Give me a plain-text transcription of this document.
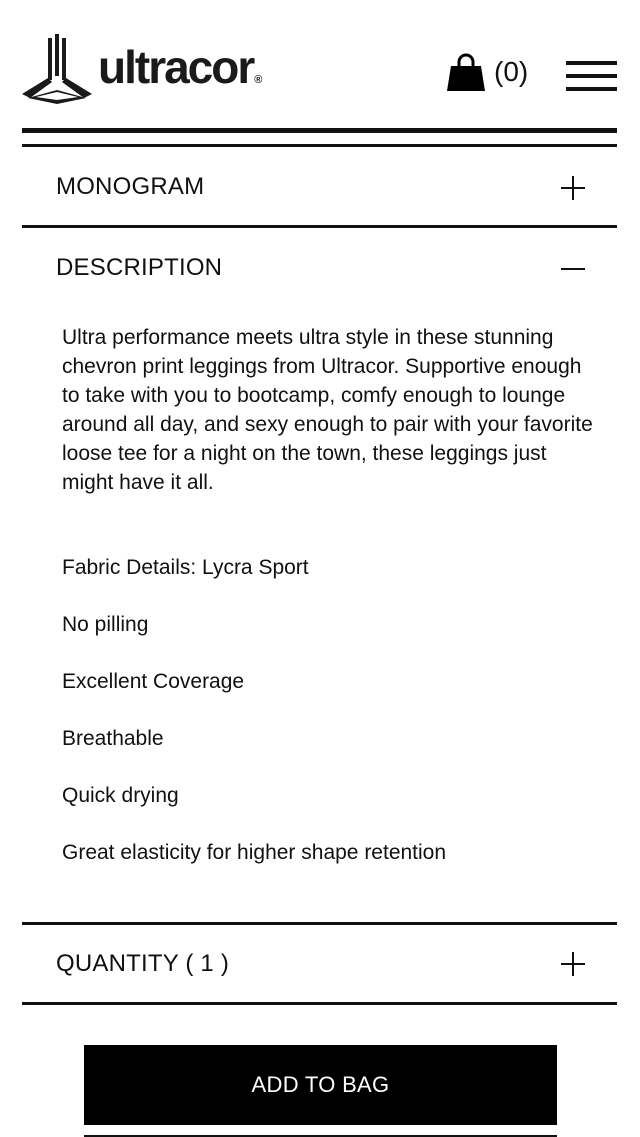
ultracor®	(0)
MONOGRAM
DESCRIPTION
Ultra performance meets ultra style in these stunning chevron print leggings from Ultracor. Supportive enough to take with you to bootcamp, comfy enough to lounge around all day, and sexy enough to pair with your favorite loose tee for a night on the town, these leggings just might have it all.
Fabric Details: Lycra Sport
No pilling
Excellent Coverage
Breathable
Quick drying
Great elasticity for higher shape retention
QUANTITY ( 1 )
ADD TO BAG
